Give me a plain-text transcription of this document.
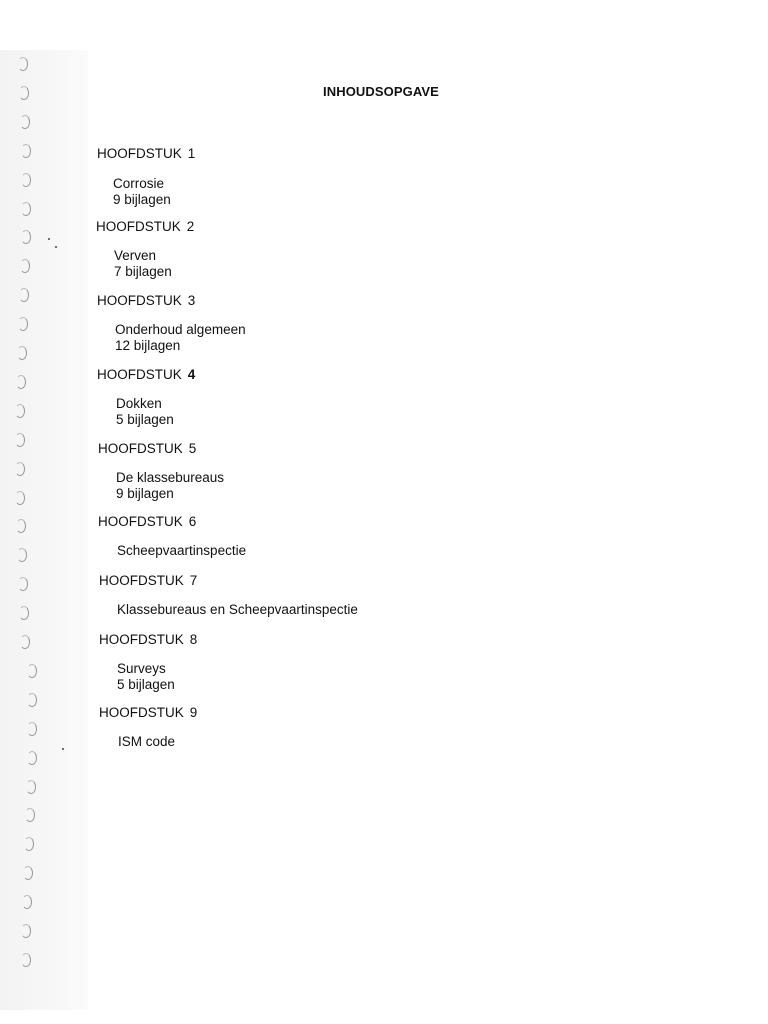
INHOUDSOPGAVE
HOOFDSTUK 1
Corrosie
9 bijlagen
HOOFDSTUK 2
Verven
7 bijlagen
HOOFDSTUK 3
Onderhoud algemeen
12 bijlagen
HOOFDSTUK 4
Dokken
5 bijlagen
HOOFDSTUK 5
De klassebureaus
9 bijlagen
HOOFDSTUK 6
Scheepvaartinspectie
HOOFDSTUK 7
Klassebureaus en Scheepvaartinspectie
HOOFDSTUK 8
Surveys
5 bijlagen
HOOFDSTUK 9
ISM code
